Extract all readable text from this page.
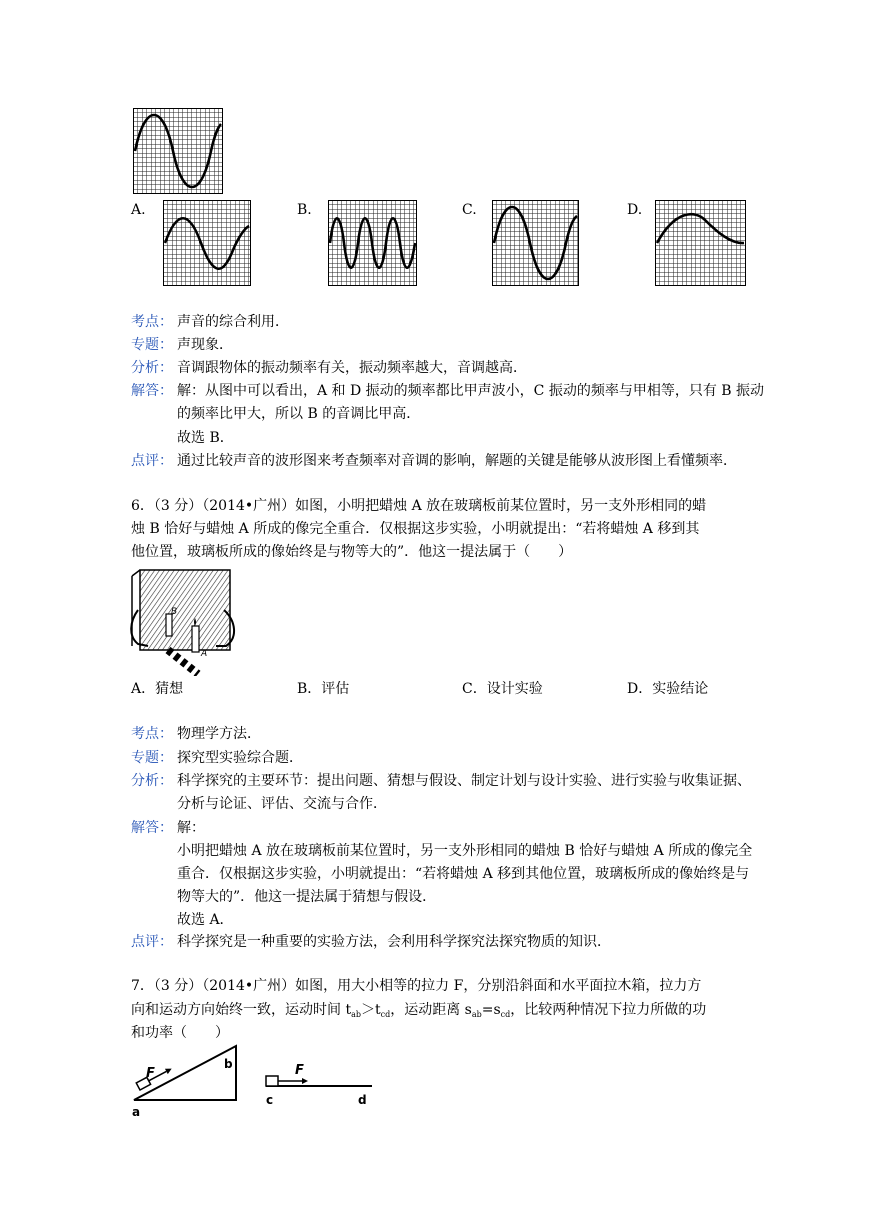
A.	B.	C.	D.
考点： 声音的综合利用．
专题： 声现象．
分析： 音调跟物体的振动频率有关，振动频率越大，音调越高．
解答： 解：从图中可以看出，A 和 D 振动的频率都比甲声波小，C 振动的频率与甲相等，只有 B 振动
的频率比甲大，所以 B 的音调比甲高．
故选 B．
点评： 通过比较声音的波形图来考查频率对音调的影响，解题的关键是能够从波形图上看懂频率．
6．（3 分）（2014•广州）如图，小明把蜡烛 A 放在玻璃板前某位置时，另一支外形相同的蜡
烛 B 恰好与蜡烛 A 所成的像完全重合．仅根据这步实验，小明就提出：“若将蜡烛 A 移到其
他位置，玻璃板所成的像始终是与物等大的”．他这一提法属于（　　）
B
A
A．猜想	B．评估	C．设计实验	D．实验结论
考点： 物理学方法．
专题： 探究型实验综合题．
分析： 科学探究的主要环节：提出问题、猜想与假设、制定计划与设计实验、进行实验与收集证据、
分析与论证、评估、交流与合作．
解答： 解：
小明把蜡烛 A 放在玻璃板前某位置时，另一支外形相同的蜡烛 B 恰好与蜡烛 A 所成的像完全
重合．仅根据这步实验，小明就提出：“若将蜡烛 A 移到其他位置，玻璃板所成的像始终是与
物等大的”．他这一提法属于猜想与假设．
故选 A．
点评： 科学探究是一种重要的实验方法，会利用科学探究法探究物质的知识．
7．（3 分）（2014•广州）如图，用大小相等的拉力 F，分别沿斜面和水平面拉木箱，拉力方
向和运动方向始终一致，运动时间 $t_{ab}>t_{cd}$，运动距离 $s_{ab}=s_{cd}$，比较两种情况下拉力所做的功
和功率（　　）
F
a
b	F
c	d
